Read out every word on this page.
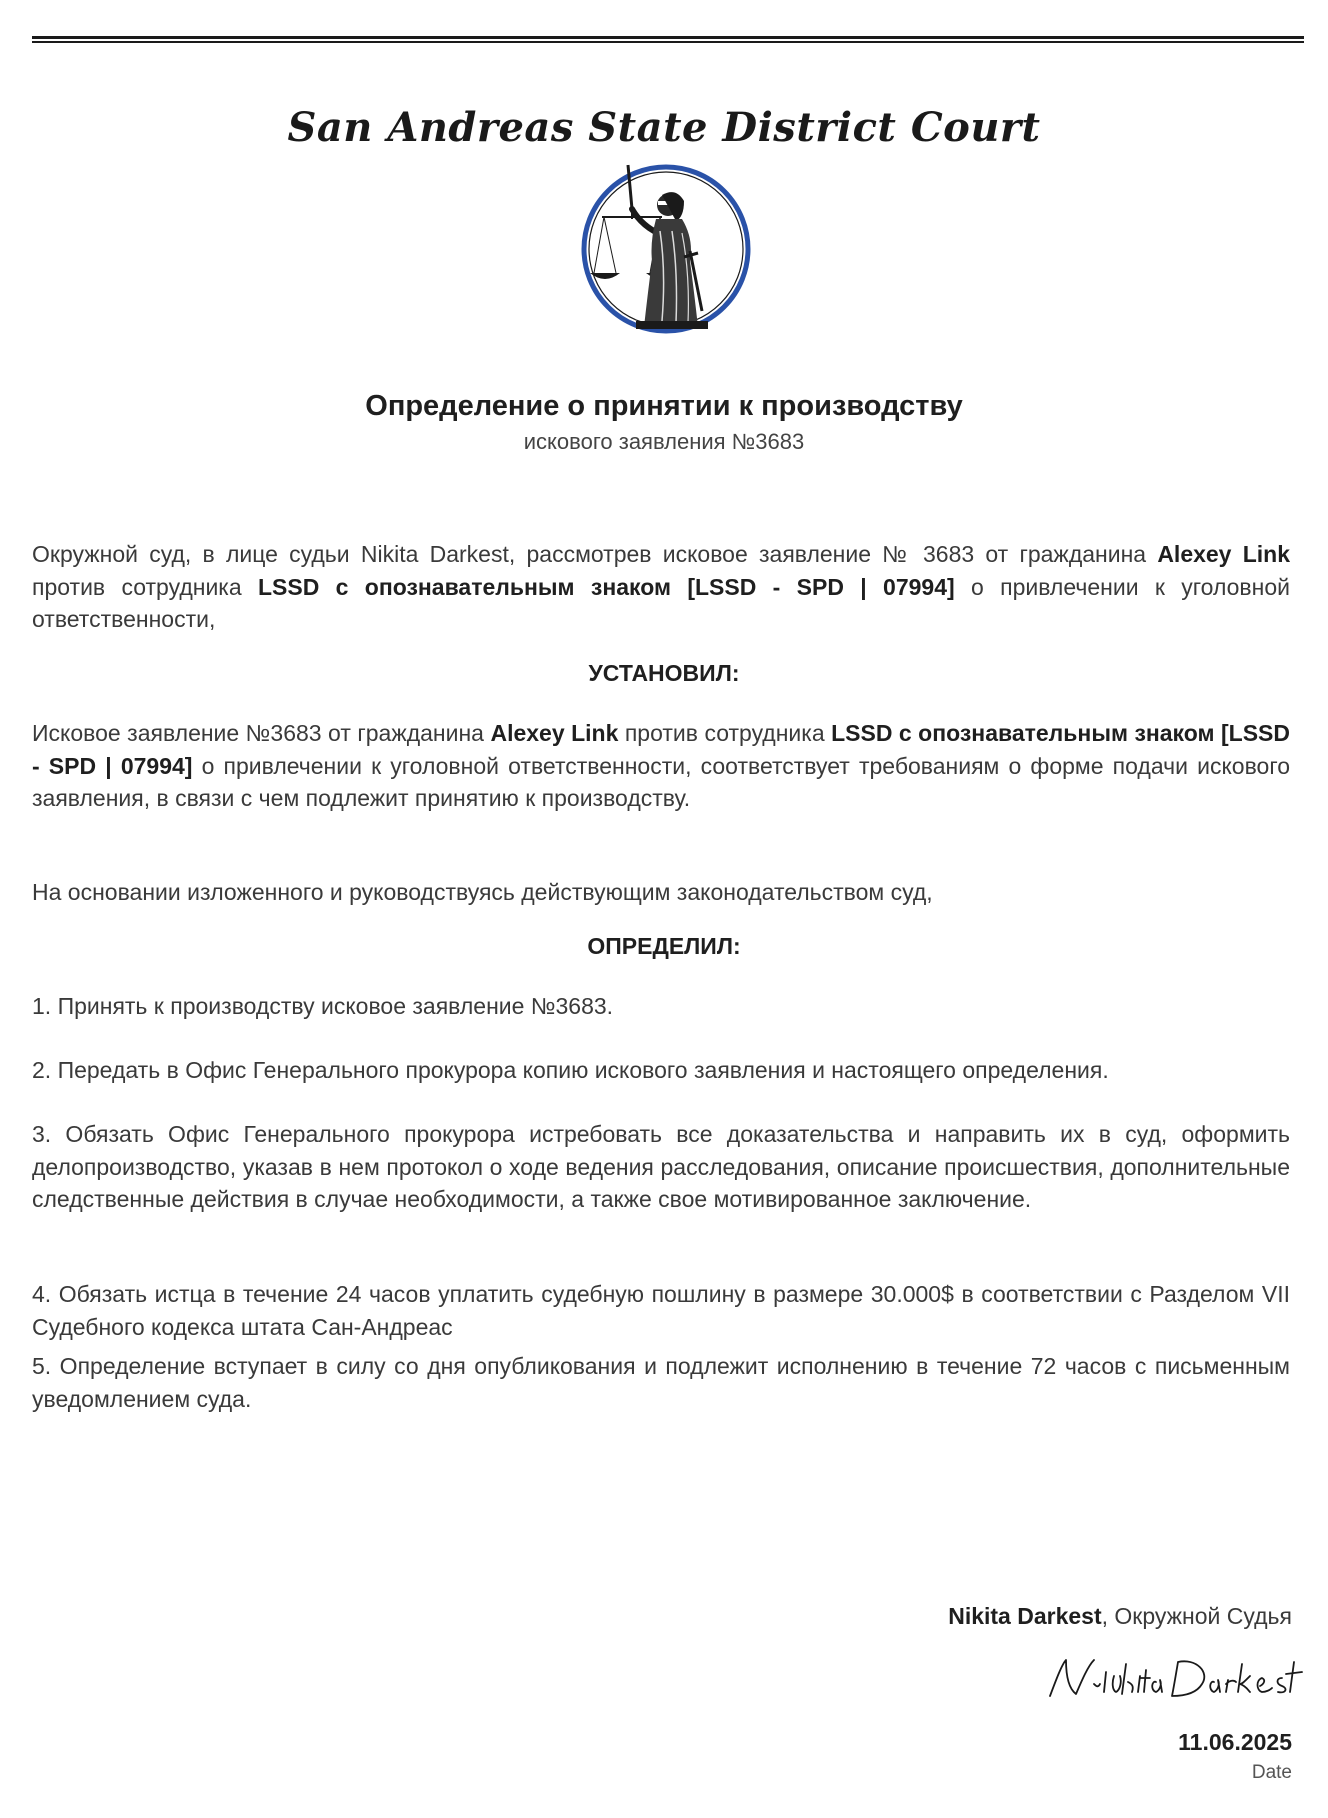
San Andreas State District Court
Определение о принятии к производству
искового заявления №3683
Окружной суд, в лице судьи Nikita Darkest, рассмотрев исковое заявление № 3683 от гражданина Alexey Link против сотрудника LSSD с опознавательным знаком [LSSD - SPD | 07994] о привлечении к уголовной ответственности,
УСТАНОВИЛ:
Исковое заявление №3683 от гражданина Alexey Link против сотрудника LSSD с опознавательным знаком [LSSD - SPD | 07994] о привлечении к уголовной ответственности, соответствует требованиям о форме подачи искового заявления, в связи с чем подлежит принятию к производству.
На основании изложенного и руководствуясь действующим законодательством суд,
ОПРЕДЕЛИЛ:
1. Принять к производству исковое заявление №3683.
2. Передать в Офис Генерального прокурора копию искового заявления и настоящего определения.
3. Обязать Офис Генерального прокурора истребовать все доказательства и направить их в суд, оформить делопроизводство, указав в нем протокол о ходе ведения расследования, описание происшествия, дополнительные следственные действия в случае необходимости, а также свое мотивированное заключение.
4. Обязать истца в течение 24 часов уплатить судебную пошлину в размере 30.000$ в соответствии с Разделом VII Судебного кодекса штата Сан-Андреас
5. Определение вступает в силу со дня опубликования и подлежит исполнению в течение 72 часов с письменным уведомлением суда.
Nikita Darkest, Окружной Судья
11.06.2025
Date
